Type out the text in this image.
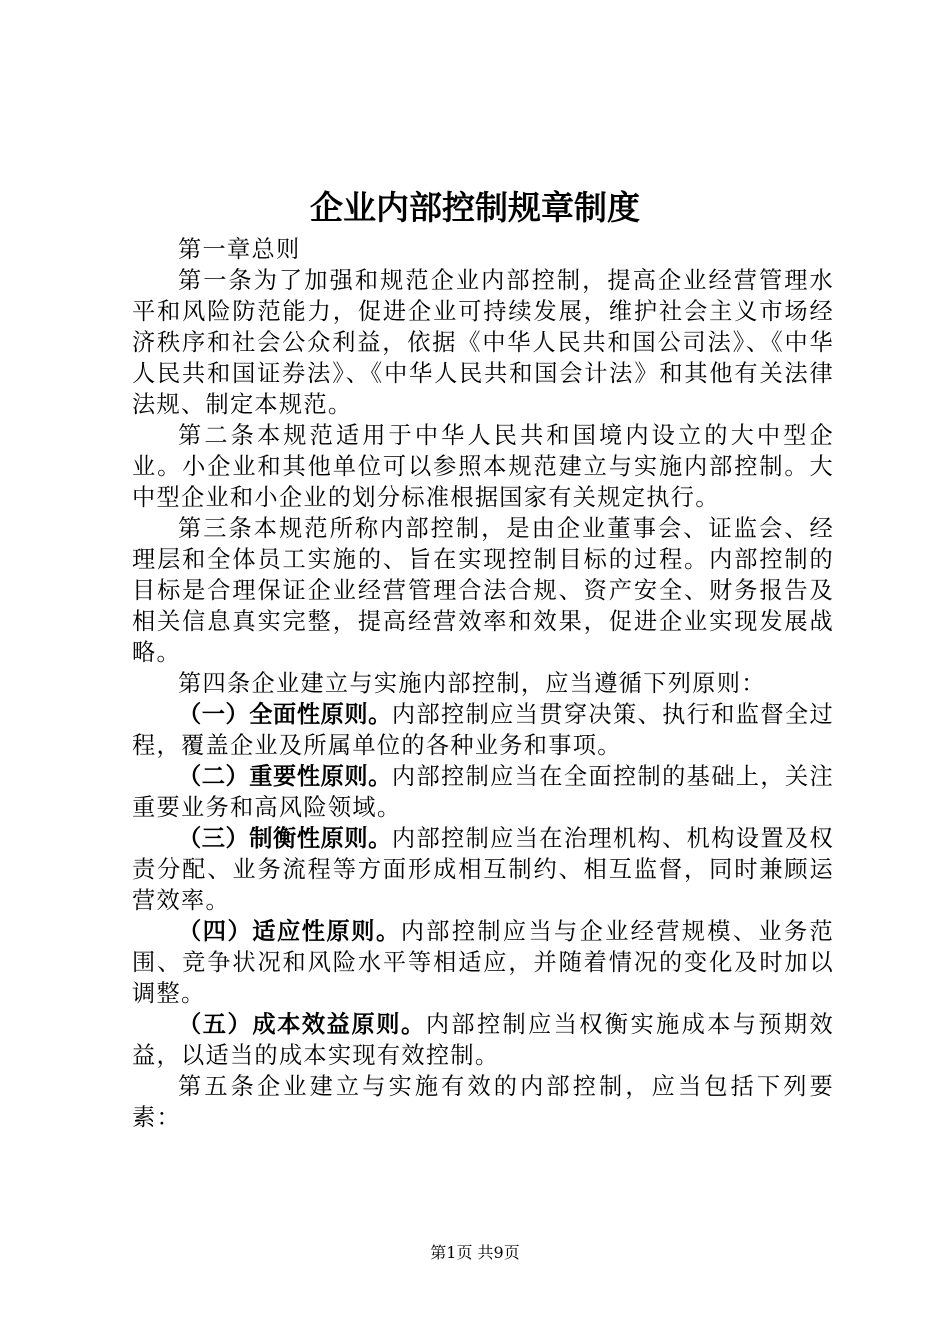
企业内部控制规章制度

第一章总则

第一条为了加强和规范企业内部控制，提高企业经营管理水平和风险防范能力，促进企业可持续发展，维护社会主义市场经济秩序和社会公众利益，依据《中华人民共和国公司法》、《中华人民共和国证券法》、《中华人民共和国会计法》和其他有关法律法规、制定本规范。

第二条本规范适用于中华人民共和国境内设立的大中型企业。小企业和其他单位可以参照本规范建立与实施内部控制。大中型企业和小企业的划分标准根据国家有关规定执行。

第三条本规范所称内部控制，是由企业董事会、证监会、经理层和全体员工实施的、旨在实现控制目标的过程。内部控制的目标是合理保证企业经营管理合法合规、资产安全、财务报告及相关信息真实完整，提高经营效率和效果，促进企业实现发展战略。

第四条企业建立与实施内部控制，应当遵循下列原则：

（一）全面性原则。内部控制应当贯穿决策、执行和监督全过程，覆盖企业及所属单位的各种业务和事项。

（二）重要性原则。内部控制应当在全面控制的基础上，关注重要业务和高风险领域。

（三）制衡性原则。内部控制应当在治理机构、机构设置及权责分配、业务流程等方面形成相互制约、相互监督，同时兼顾运营效率。

（四）适应性原则。内部控制应当与企业经营规模、业务范围、竞争状况和风险水平等相适应，并随着情况的变化及时加以调整。

（五）成本效益原则。内部控制应当权衡实施成本与预期效益，以适当的成本实现有效控制。

第五条企业建立与实施有效的内部控制，应当包括下列要素：

第1页 共9页
